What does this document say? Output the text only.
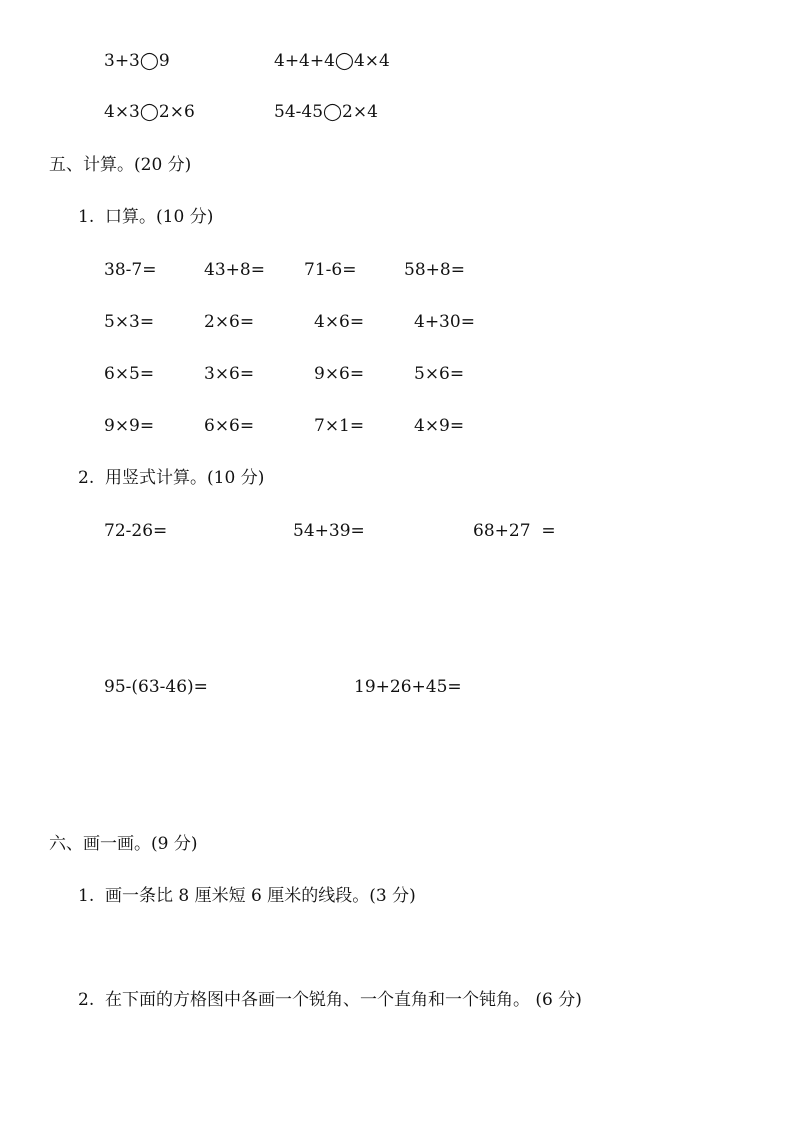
3+3◯9	4+4+4◯4×4
4×3◯2×6	54-45◯2×4
五、计算。(20 分)
1.  口算。(10 分)
38-7=	43+8= 71-6=	58+8=
5×3=	2×6=	4×6=	4+30=
6×5=	3×6=	9×6=	5×6=
9×9=	6×6=	7×1=	4×9=
2.  用竖式计算。(10 分)
72-26=	54+39=	68+27  =
95-(63-46)=	19+26+45=
六、画一画。(9 分)
1.  画一条比 8 厘米短 6 厘米的线段。(3 分)
2.  在下面的方格图中各画一个锐角、一个直角和一个钝角。 (6 分)
